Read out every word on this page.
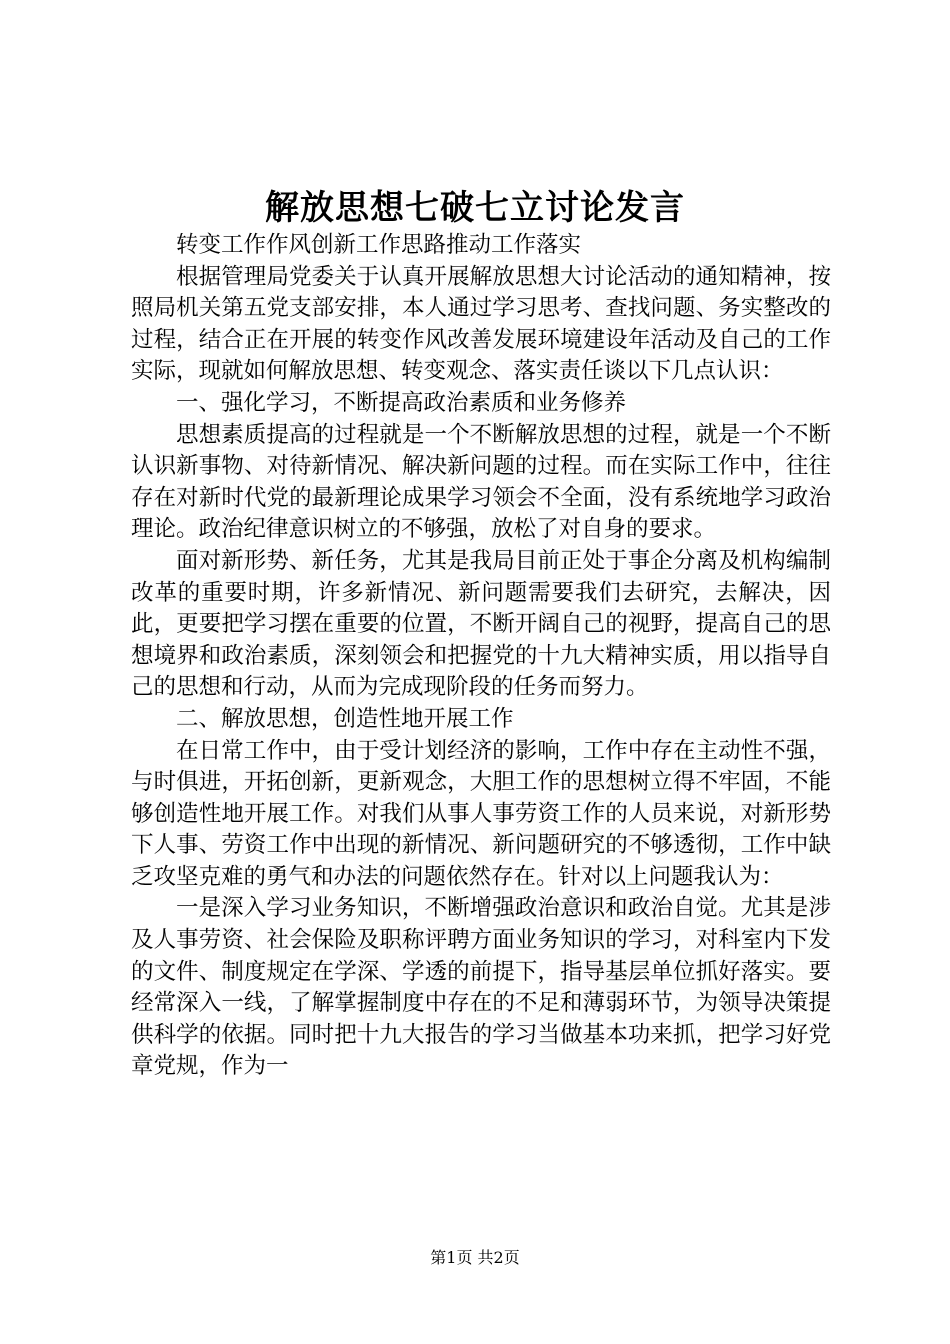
解放思想七破七立讨论发言

转变工作作风创新工作思路推动工作落实

根据管理局党委关于认真开展解放思想大讨论活动的通知精神，按照局机关第五党支部安排，本人通过学习思考、查找问题、务实整改的过程，结合正在开展的转变作风改善发展环境建设年活动及自己的工作实际，现就如何解放思想、转变观念、落实责任谈以下几点认识：

一、强化学习，不断提高政治素质和业务修养

思想素质提高的过程就是一个不断解放思想的过程，就是一个不断认识新事物、对待新情况、解决新问题的过程。而在实际工作中，往往存在对新时代党的最新理论成果学习领会不全面，没有系统地学习政治理论。政治纪律意识树立的不够强，放松了对自身的要求。

面对新形势、新任务，尤其是我局目前正处于事企分离及机构编制改革的重要时期，许多新情况、新问题需要我们去研究，去解决，因此，更要把学习摆在重要的位置，不断开阔自己的视野，提高自己的思想境界和政治素质，深刻领会和把握党的十九大精神实质，用以指导自己的思想和行动，从而为完成现阶段的任务而努力。

二、解放思想，创造性地开展工作

在日常工作中，由于受计划经济的影响，工作中存在主动性不强，与时俱进，开拓创新，更新观念，大胆工作的思想树立得不牢固，不能够创造性地开展工作。对我们从事人事劳资工作的人员来说，对新形势下人事、劳资工作中出现的新情况、新问题研究的不够透彻，工作中缺乏攻坚克难的勇气和办法的问题依然存在。针对以上问题我认为：

一是深入学习业务知识，不断增强政治意识和政治自觉。尤其是涉及人事劳资、社会保险及职称评聘方面业务知识的学习，对科室内下发的文件、制度规定在学深、学透的前提下，指导基层单位抓好落实。要经常深入一线，了解掌握制度中存在的不足和薄弱环节，为领导决策提供科学的依据。同时把十九大报告的学习当做基本功来抓，把学习好党章党规，作为一

第1页 共2页
